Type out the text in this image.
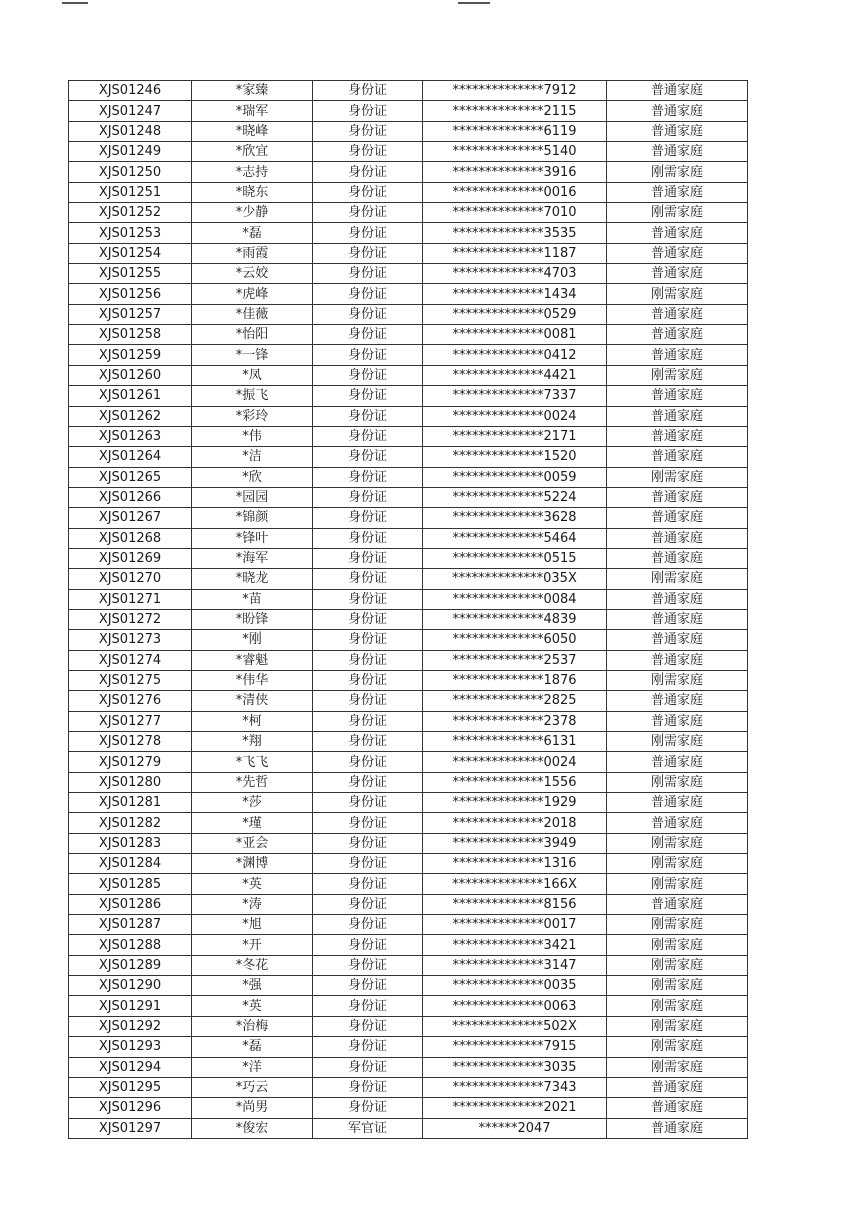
XJS01246	*家臻	身份证	**************7912	普通家庭
XJS01247	*瑞军	身份证	**************2115	普通家庭
XJS01248	*晓峰	身份证	**************6119	普通家庭
XJS01249	*欣宜	身份证	**************5140	普通家庭
XJS01250	*志持	身份证	**************3916	刚需家庭
XJS01251	*晓东	身份证	**************0016	普通家庭
XJS01252	*少静	身份证	**************7010	刚需家庭
XJS01253	*磊	身份证	**************3535	普通家庭
XJS01254	*雨霞	身份证	**************1187	普通家庭
XJS01255	*云姣	身份证	**************4703	普通家庭
XJS01256	*虎峰	身份证	**************1434	刚需家庭
XJS01257	*佳薇	身份证	**************0529	普通家庭
XJS01258	*怡阳	身份证	**************0081	普通家庭
XJS01259	*一锋	身份证	**************0412	普通家庭
XJS01260	*凤	身份证	**************4421	刚需家庭
XJS01261	*振飞	身份证	**************7337	普通家庭
XJS01262	*彩玲	身份证	**************0024	普通家庭
XJS01263	*伟	身份证	**************2171	普通家庭
XJS01264	*洁	身份证	**************1520	普通家庭
XJS01265	*欣	身份证	**************0059	刚需家庭
XJS01266	*园园	身份证	**************5224	普通家庭
XJS01267	*锦颜	身份证	**************3628	普通家庭
XJS01268	*锋叶	身份证	**************5464	普通家庭
XJS01269	*海军	身份证	**************0515	普通家庭
XJS01270	*晓龙	身份证	**************035X	刚需家庭
XJS01271	*苗	身份证	**************0084	普通家庭
XJS01272	*盼锋	身份证	**************4839	普通家庭
XJS01273	*刚	身份证	**************6050	普通家庭
XJS01274	*睿魁	身份证	**************2537	普通家庭
XJS01275	*伟华	身份证	**************1876	刚需家庭
XJS01276	*清侠	身份证	**************2825	普通家庭
XJS01277	*柯	身份证	**************2378	普通家庭
XJS01278	*翔	身份证	**************6131	刚需家庭
XJS01279	*飞飞	身份证	**************0024	普通家庭
XJS01280	*先哲	身份证	**************1556	刚需家庭
XJS01281	*莎	身份证	**************1929	普通家庭
XJS01282	*瑾	身份证	**************2018	普通家庭
XJS01283	*亚会	身份证	**************3949	刚需家庭
XJS01284	*渊博	身份证	**************1316	刚需家庭
XJS01285	*英	身份证	**************166X	刚需家庭
XJS01286	*涛	身份证	**************8156	普通家庭
XJS01287	*旭	身份证	**************0017	刚需家庭
XJS01288	*开	身份证	**************3421	刚需家庭
XJS01289	*冬花	身份证	**************3147	刚需家庭
XJS01290	*强	身份证	**************0035	刚需家庭
XJS01291	*英	身份证	**************0063	刚需家庭
XJS01292	*治梅	身份证	**************502X	刚需家庭
XJS01293	*磊	身份证	**************7915	刚需家庭
XJS01294	*洋	身份证	**************3035	刚需家庭
XJS01295	*巧云	身份证	**************7343	普通家庭
XJS01296	*尚男	身份证	**************2021	普通家庭
XJS01297	*俊宏	军官证	******2047	普通家庭
